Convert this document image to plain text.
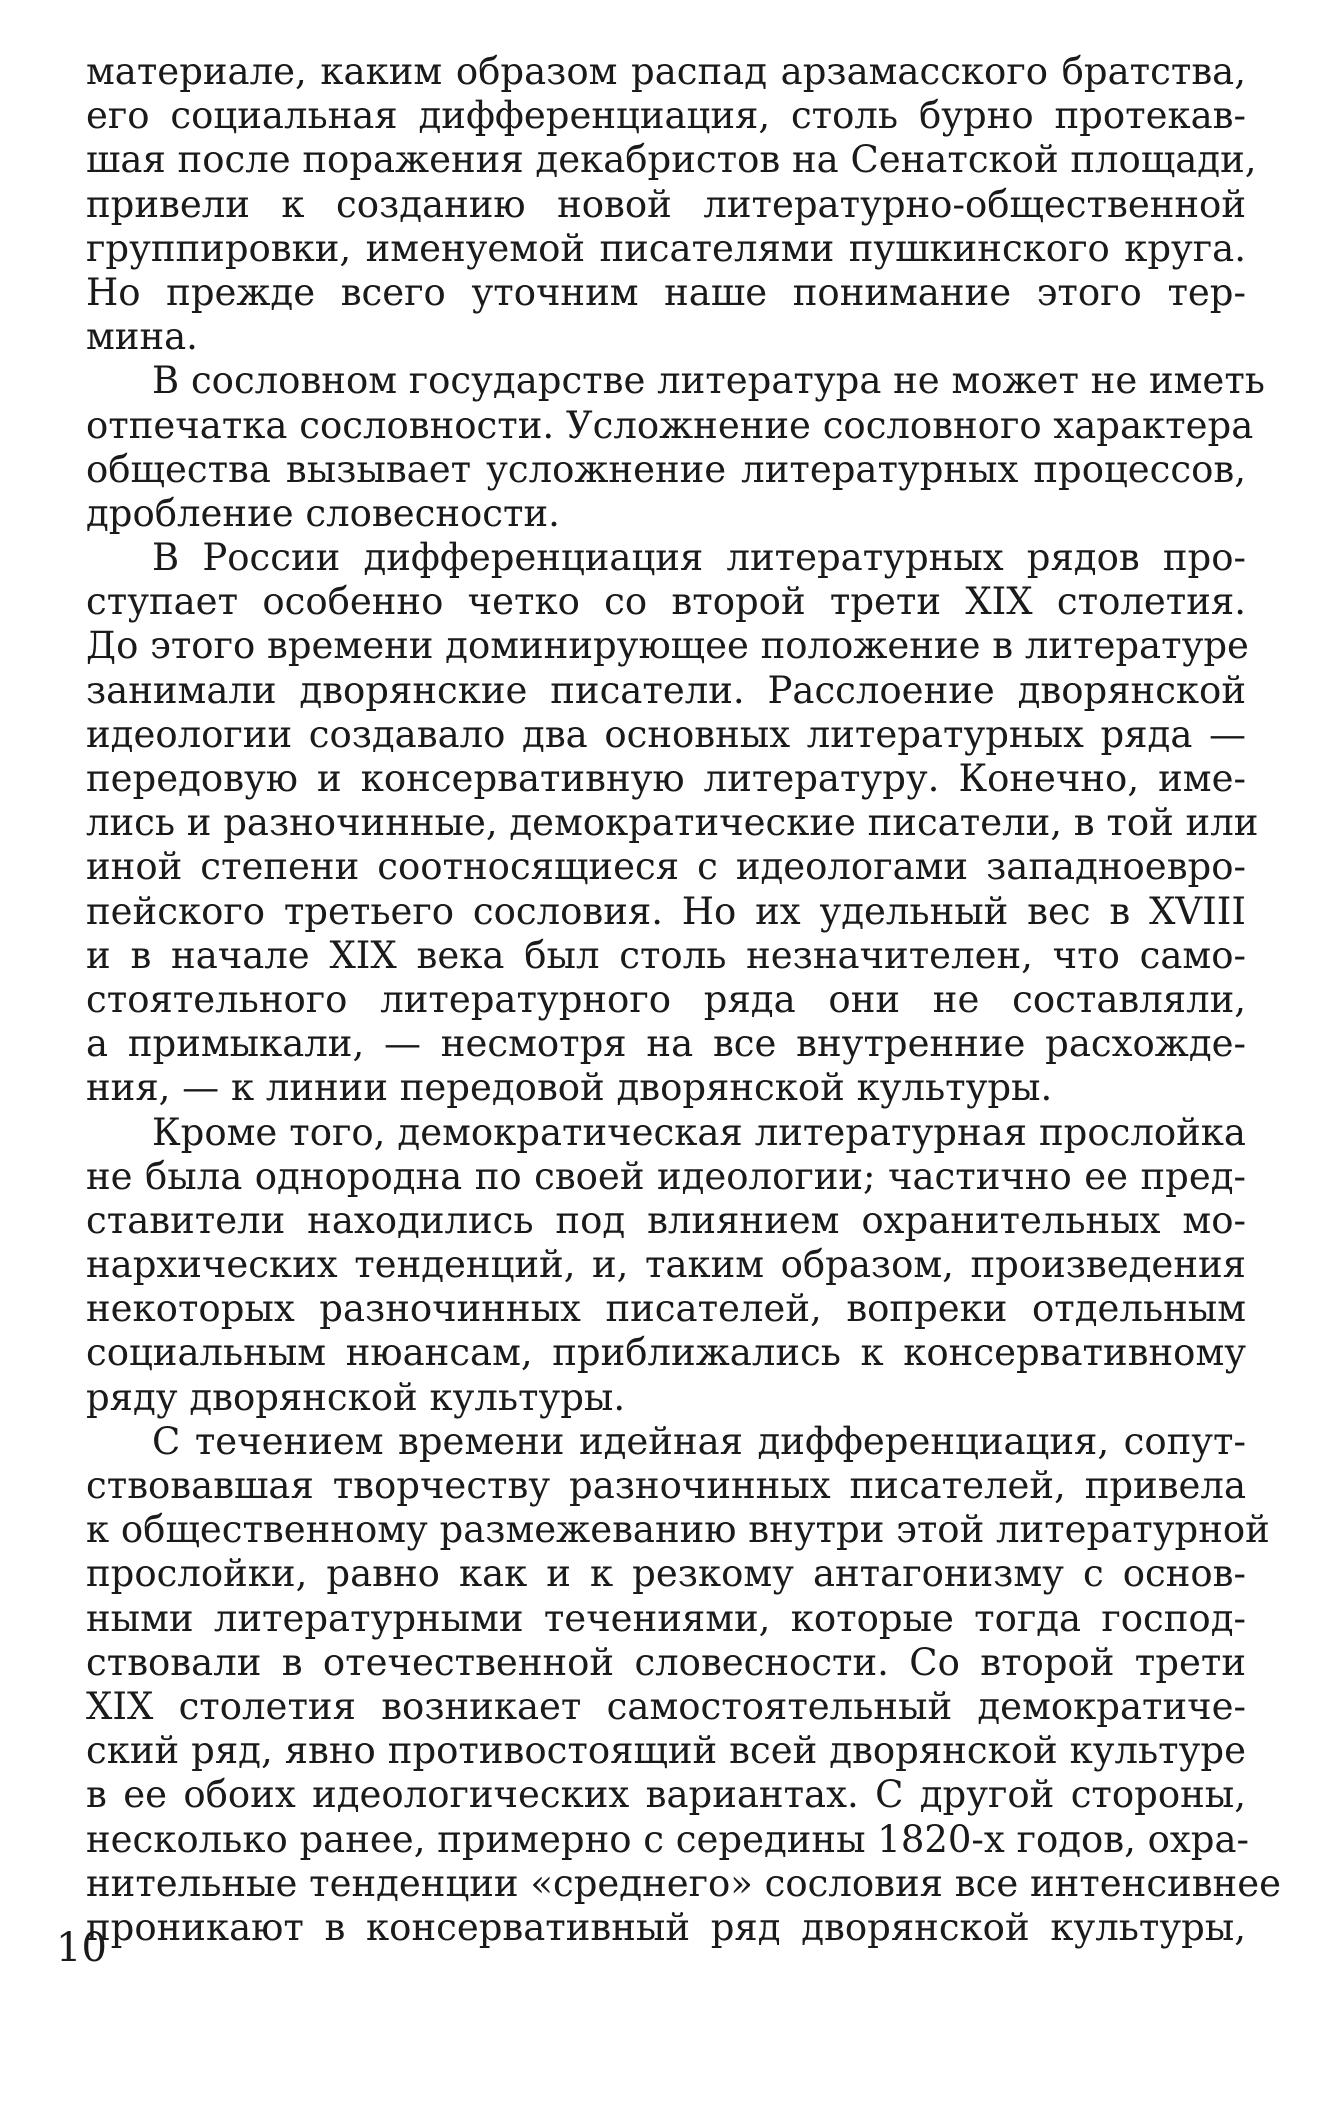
материале, каким образом распад арзамасского братства,
его социальная дифференциация, столь бурно протекав-
шая после поражения декабристов на Сенатской площади,
привели к созданию новой литературно-общественной
группировки, именуемой писателями пушкинского круга.
Но прежде всего уточним наше понимание этого тер-
мина.
В сословном государстве литература не может не иметь
отпечатка сословности. Усложнение сословного характера
общества вызывает усложнение литературных процессов,
дробление словесности.
В России дифференциация литературных рядов про-
ступает особенно четко со второй трети XIX столетия.
До этого времени доминирующее положение в литературе
занимали дворянские писатели. Расслоение дворянской
идеологии создавало два основных литературных ряда —
передовую и консервативную литературу. Конечно, име-
лись и разночинные, демократические писатели, в той или
иной степени соотносящиеся с идеологами западноевро-
пейского третьего сословия. Но их удельный вес в XVIII
и в начале XIX века был столь незначителен, что само-
стоятельного литературного ряда они не составляли,
а примыкали, — несмотря на все внутренние расхожде-
ния, — к линии передовой дворянской культуры.
Кроме того, демократическая литературная прослойка
не была однородна по своей идеологии; частично ее пред-
ставители находились под влиянием охранительных мо-
нархических тенденций, и, таким образом, произведения
некоторых разночинных писателей, вопреки отдельным
социальным нюансам, приближались к консервативному
ряду дворянской культуры.
С течением времени идейная дифференциация, сопут-
ствовавшая творчеству разночинных писателей, привела
к общественному размежеванию внутри этой литературной
прослойки, равно как и к резкому антагонизму с основ-
ными литературными течениями, которые тогда господ-
ствовали в отечественной словесности. Со второй трети
XIX столетия возникает самостоятельный демократиче-
ский ряд, явно противостоящий всей дворянской культуре
в ее обоих идеологических вариантах. С другой стороны,
несколько ранее, примерно с середины 1820-х годов, охра-
нительные тенденции «среднего» сословия все интенсивнее
проникают в консервативный ряд дворянской культуры,
10
